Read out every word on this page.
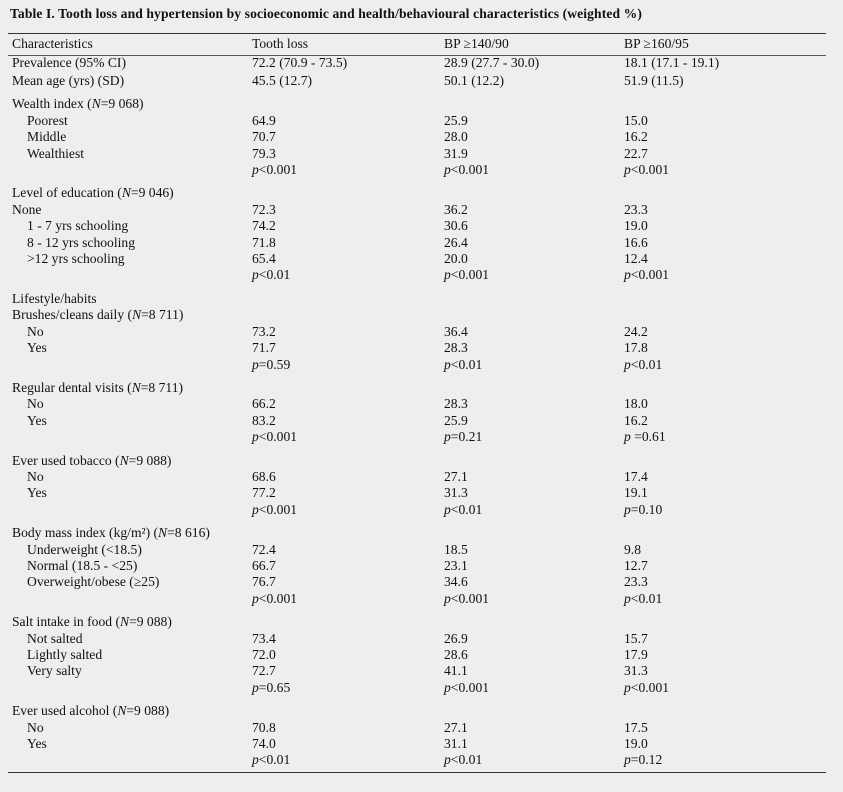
Table I. Tooth loss and hypertension by socioeconomic and health/behavioural characteristics (weighted %)
Characteristics	Tooth loss	BP ≥140/90	BP ≥160/95
Prevalence (95% CI)	72.2 (70.9 - 73.5)	28.9 (27.7 - 30.0)	18.1 (17.1 - 19.1)
Mean age (yrs) (SD)	45.5 (12.7)	50.1 (12.2)	51.9 (11.5)

Wealth index (N=9 068)			
Poorest	64.9	25.9	15.0
Middle	70.7	28.0	16.2
Wealthiest	79.3	31.9	22.7
	p<0.001	p<0.001	p<0.001

Level of education (N=9 046)			
None	72.3	36.2	23.3
1 - 7 yrs schooling	74.2	30.6	19.0
8 - 12 yrs schooling	71.8	26.4	16.6
>12 yrs schooling	65.4	20.0	12.4
	p<0.01	p<0.001	p<0.001

Lifestyle/habits			
Brushes/cleans daily (N=8 711)			
No	73.2	36.4	24.2
Yes	71.7	28.3	17.8
	p=0.59	p<0.01	p<0.01

Regular dental visits (N=8 711)			
No	66.2	28.3	18.0
Yes	83.2	25.9	16.2
	p<0.001	p=0.21	p =0.61

Ever used tobacco (N=9 088)			
No	68.6	27.1	17.4
Yes	77.2	31.3	19.1
	p<0.001	p<0.01	p=0.10

Body mass index (kg/m²) (N=8 616)			
Underweight (<18.5)	72.4	18.5	9.8
Normal (18.5 - <25)	66.7	23.1	12.7
Overweight/obese (≥25)	76.7	34.6	23.3
	p<0.001	p<0.001	p<0.01

Salt intake in food (N=9 088)			
Not salted	73.4	26.9	15.7
Lightly salted	72.0	28.6	17.9
Very salty	72.7	41.1	31.3
	p=0.65	p<0.001	p<0.001

Ever used alcohol (N=9 088)			
No	70.8	27.1	17.5
Yes	74.0	31.1	19.0
	p<0.01	p<0.01	p=0.12
